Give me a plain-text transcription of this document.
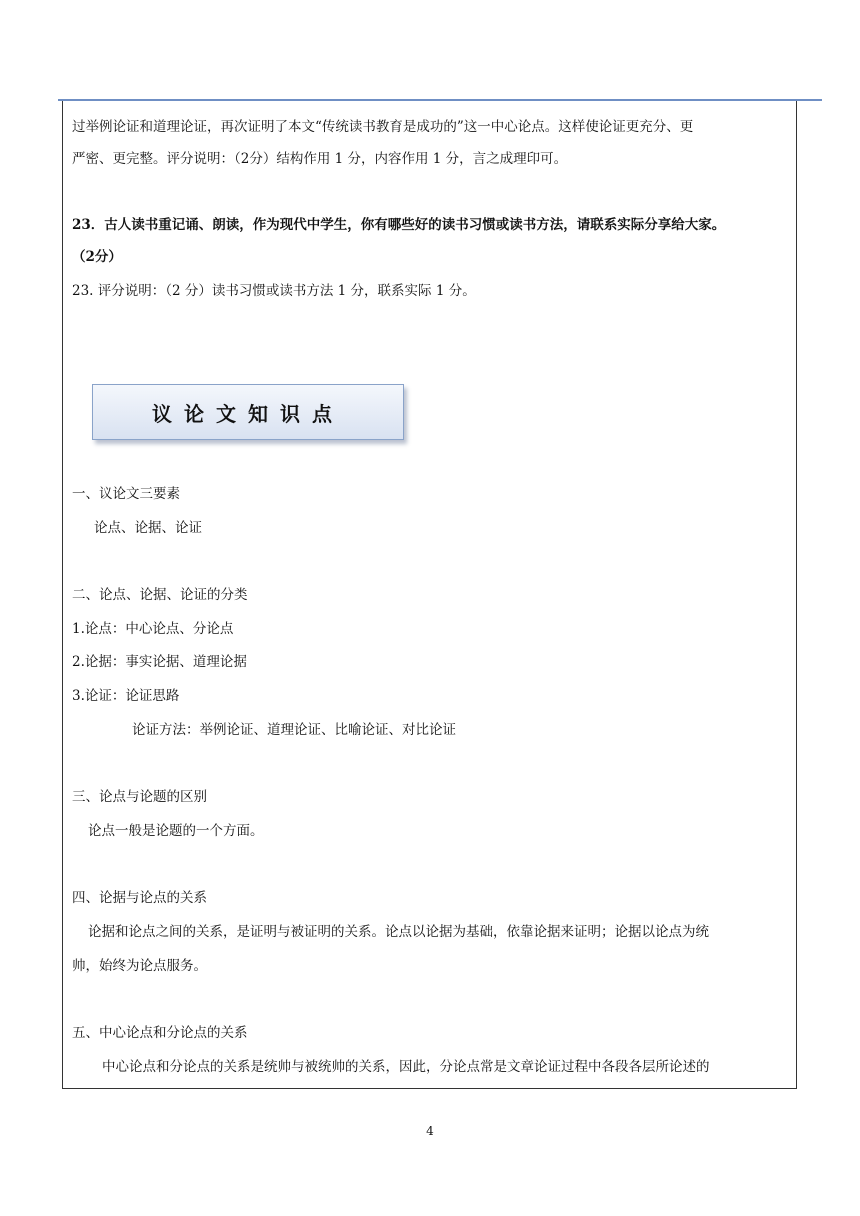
过举例论证和道理论证，再次证明了本文“传统读书教育是成功的”这一中心论点。这样使论证更充分、更
严密、更完整。评分说明：（2分）结构作用 1 分，内容作用 1 分，言之成理印可。
23．古人读书重记诵、朗读，作为现代中学生，你有哪些好的读书习惯或读书方法，请联系实际分享给大家。
（2分）
23. 评分说明：（2 分）读书习惯或读书方法 1 分，联系实际 1 分。
议论文知识点
一、议论文三要素
论点、论据、论证
二、论点、论据、论证的分类
1.论点：中心论点、分论点
2.论据：事实论据、道理论据
3.论证：论证思路
论证方法：举例论证、道理论证、比喻论证、对比论证
三、论点与论题的区别
论点一般是论题的一个方面。
四、论据与论点的关系
论据和论点之间的关系，是证明与被证明的关系。论点以论据为基础，依靠论据来证明；论据以论点为统
帅，始终为论点服务。
五、中心论点和分论点的关系
中心论点和分论点的关系是统帅与被统帅的关系，因此，分论点常是文章论证过程中各段各层所论述的
4
